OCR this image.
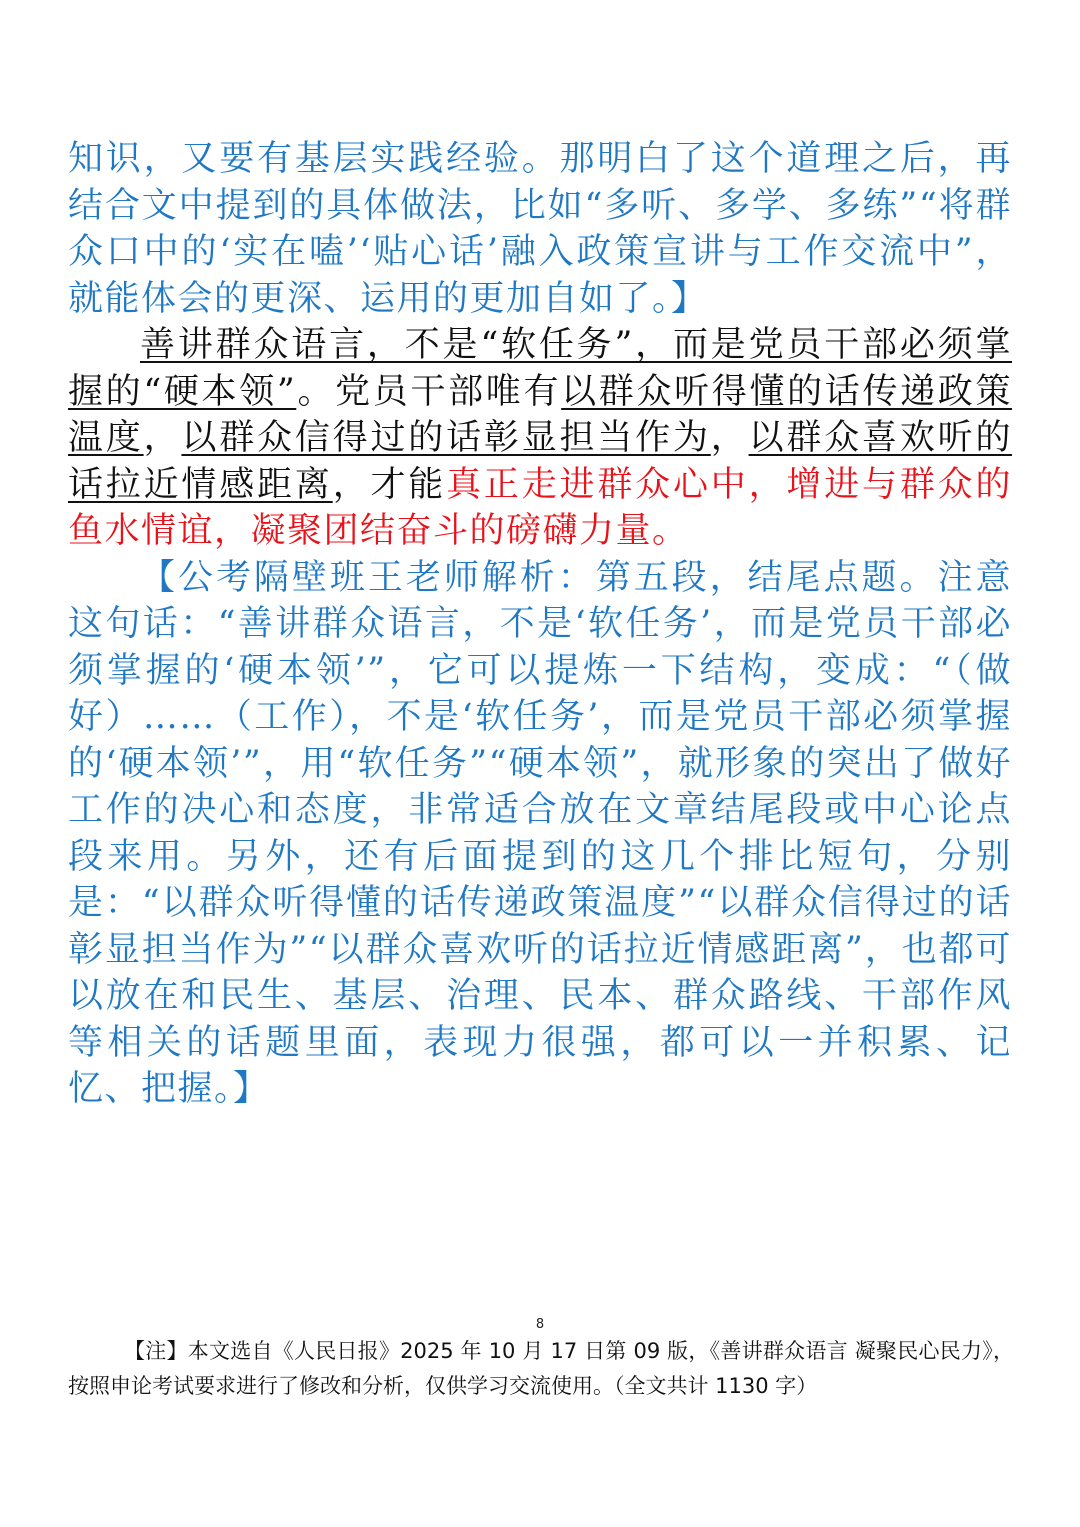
知识，又要有基层实践经验。那明白了这个道理之后，再结合文中提到的具体做法，比如“多听、多学、多练”“将群众口中的‘实在嗑’‘贴心话’融入政策宣讲与工作交流中”，就能体会的更深、运用的更加自如了。】

善讲群众语言，不是“软任务”，而是党员干部必须掌握的“硬本领”。党员干部唯有以群众听得懂的话传递政策温度，以群众信得过的话彰显担当作为，以群众喜欢听的话拉近情感距离，才能真正走进群众心中，增进与群众的鱼水情谊，凝聚团结奋斗的磅礴力量。

【公考隔壁班王老师解析：第五段，结尾点题。注意这句话：“善讲群众语言，不是‘软任务’，而是党员干部必须掌握的‘硬本领’”，它可以提炼一下结构，变成：“（做好）……（工作），不是‘软任务’，而是党员干部必须掌握的‘硬本领’”，用“软任务”“硬本领”，就形象的突出了做好工作的决心和态度，非常适合放在文章结尾段或中心论点段来用。另外，还有后面提到的这几个排比短句，分别是：“以群众听得懂的话传递政策温度”“以群众信得过的话彰显担当作为”“以群众喜欢听的话拉近情感距离”，也都可以放在和民生、基层、治理、民本、群众路线、干部作风等相关的话题里面，表现力很强，都可以一并积累、记忆、把握。】

8
【注】本文选自《人民日报》2025 年 10 月 17 日第 09 版，《善讲群众语言 凝聚民心民力》，按照申论考试要求进行了修改和分析，仅供学习交流使用。（全文共计 1130 字）
